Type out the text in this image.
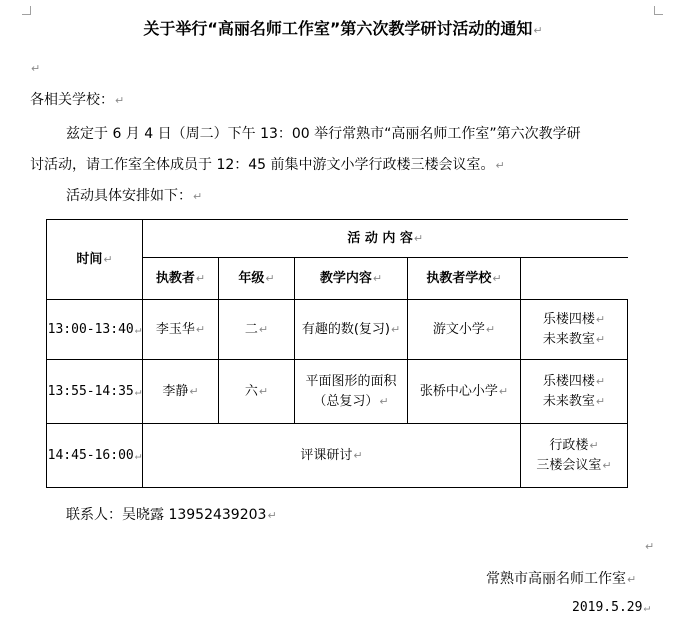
关于举行“高丽名师工作室”第六次教学研讨活动的通知↵
↵
各相关学校：↵
兹定于 6 月 4 日（周二）下午 13：00 举行常熟市“高丽名师工作室”第六次教学研
讨活动，请工作室全体成员于 12：45 前集中游文小学行政楼三楼会议室。↵
活动具体安排如下：↵
时间↵	活 动 内 容↵				
	执教者↵	年级↵	教学内容↵	执教者学校↵	
13:00-13:40↵	李玉华↵	二↵	有趣的数(复习)↵	游文小学↵	乐楼四楼↵
未来教室↵
13:55-14:35↵	李静↵	六↵	平面图形的面积
（总复习）↵	张桥中心小学↵	乐楼四楼↵
未来教室↵
14:45-16:00↵	评课研讨↵				行政楼↵
三楼会议室↵
联系人：吴晓露 13952439203↵
↵
常熟市高丽名师工作室↵
2019.5.29↵
